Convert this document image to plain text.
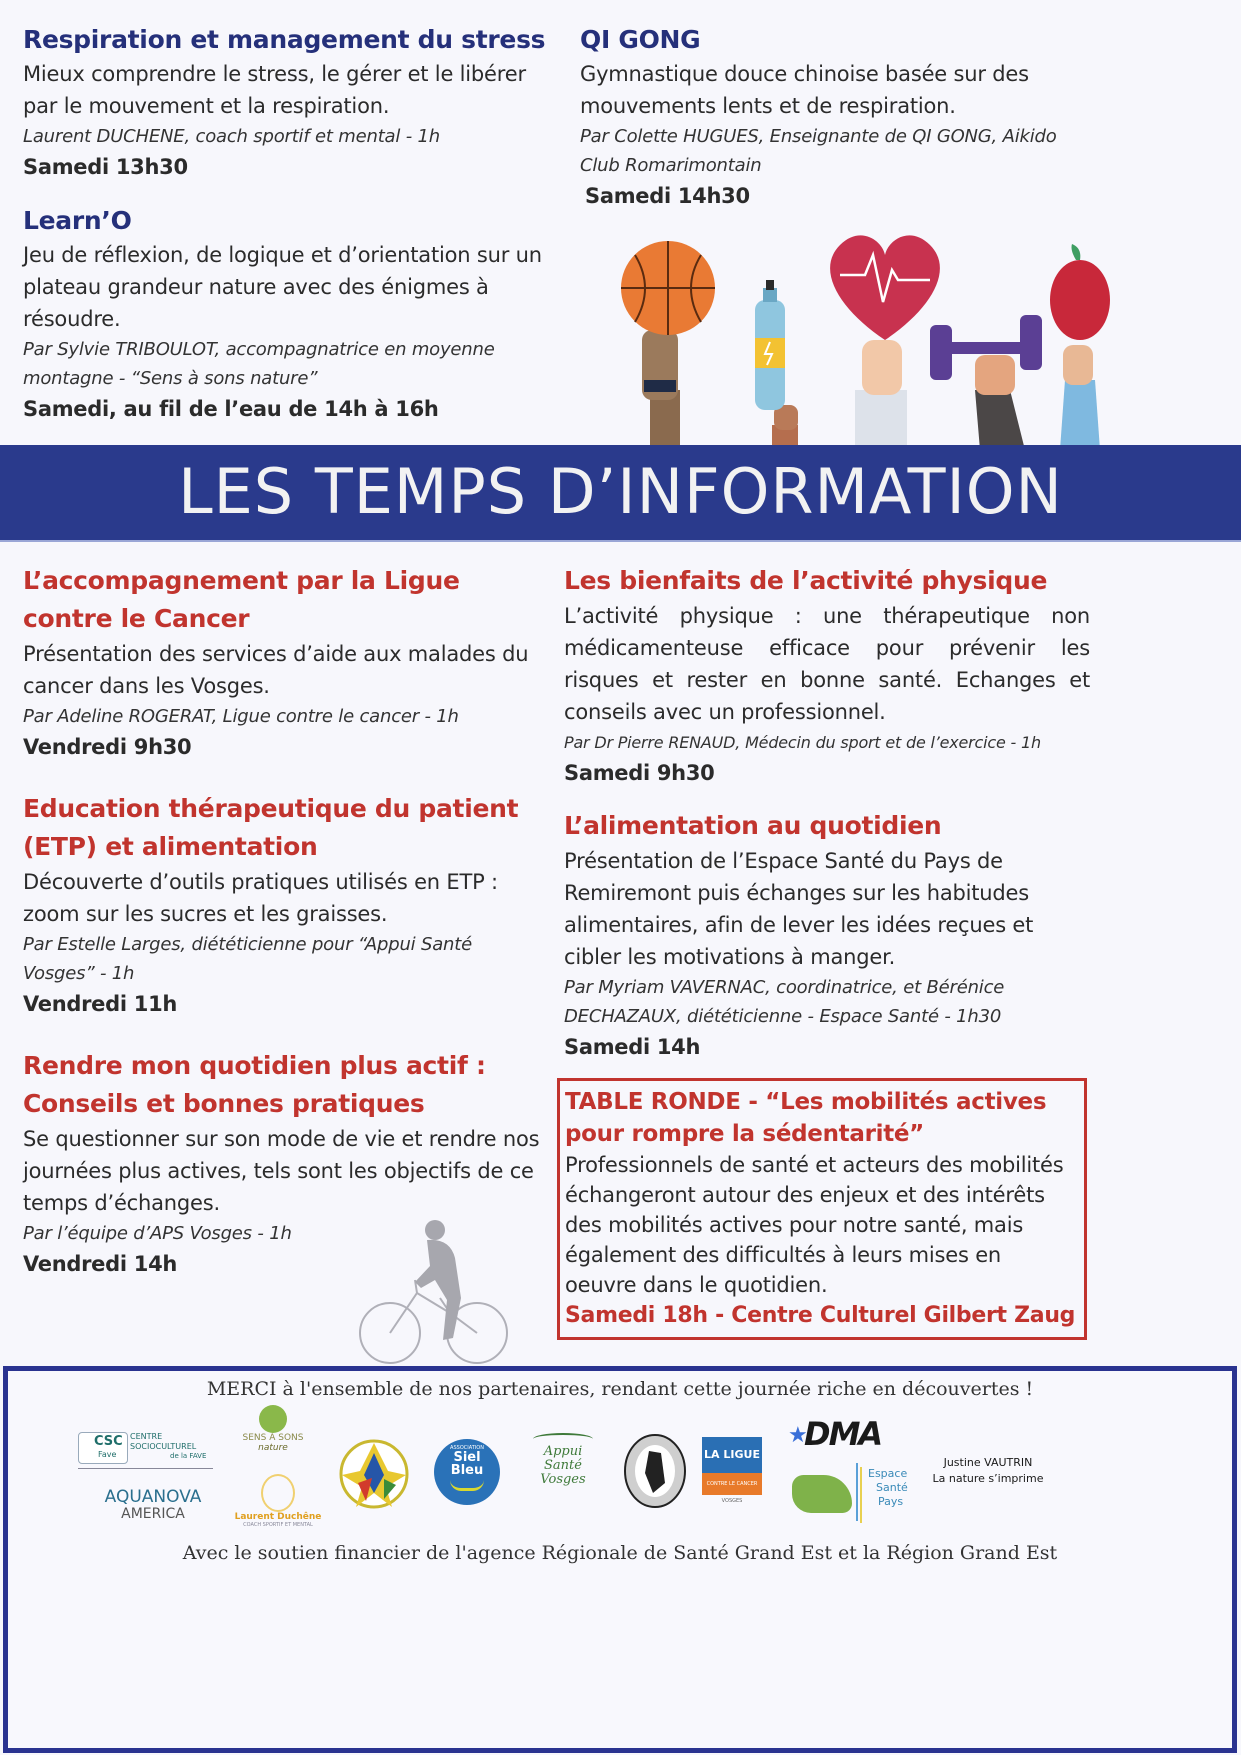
Respiration et management du stress
Mieux comprendre le stress, le gérer et le libérer par le mouvement et la respiration.
Laurent DUCHENE, coach sportif et mental - 1h
Samedi 13h30
Learn’O
Jeu de réflexion, de logique et d’orientation sur un plateau grandeur nature avec des énigmes à résoudre.
Par Sylvie TRIBOULOT, accompagnatrice en moyenne montagne - “Sens à sons nature”
Samedi, au fil de l’eau de 14h à 16h
QI GONG
Gymnastique douce chinoise basée sur des mouvements lents et de respiration.
Par Colette HUGUES, Enseignante de QI GONG, Aikido Club Romarimontain
Samedi 14h30
LES TEMPS D’INFORMATION
L’accompagnement par la Ligue contre le Cancer
Présentation des services d’aide aux malades du cancer dans les Vosges.
Par Adeline ROGERAT, Ligue contre le cancer - 1h
Vendredi 9h30
Education thérapeutique du patient (ETP) et alimentation
Découverte d’outils pratiques utilisés en ETP : zoom sur les sucres et les graisses.
Par Estelle Larges, diététicienne pour “Appui Santé Vosges” - 1h
Vendredi 11h
Rendre mon quotidien plus actif : Conseils et bonnes pratiques
Se questionner sur son mode de vie et rendre nos journées plus actives, tels sont les objectifs de ce temps d’échanges.
Par l’équipe d’APS Vosges - 1h
Vendredi 14h
Les bienfaits de l’activité physique
L’activité physique : une thérapeutique non médicamenteuse efficace pour prévenir les risques et rester en bonne santé. Echanges et conseils avec un professionnel.
Par Dr Pierre RENAUD, Médecin du sport et de l’exercice - 1h
Samedi 9h30
L’alimentation au quotidien
Présentation de l’Espace Santé du Pays de Remiremont puis échanges sur les habitudes alimentaires, afin de lever les idées reçues et cibler les motivations à manger.
Par Myriam VAVERNAC, coordinatrice, et Bérénice DECHAZAUX, diététicienne - Espace Santé - 1h30
Samedi 14h
TABLE RONDE - “Les mobilités actives pour rompre la sédentarité”
Professionnels de santé et acteurs des mobilités échangeront autour des enjeux et des intérêts des mobilités actives pour notre santé, mais également des difficultés à leurs mises en oeuvre dans le quotidien.
Samedi 18h - Centre Culturel Gilbert Zaug
MERCI à l'ensemble de nos partenaires, rendant cette journée riche en découvertes !
CSC
Fave
CENTRE
SOCIOCULTUREL
de la FAVE
AQUANOVA
AMERICA
SENS A SONS
nature
Laurent Duchêne
COACH SPORTIF ET MENTAL
ASSOCIATION
Siel
Bleu
Appui
Santé
Vosges
LA LIGUE
CONTRE LE CANCER
VOSGES
★
DMA
Espace
Santé
Pays
Justine VAUTRIN
La nature s’imprime
Avec le soutien financier de l'agence Régionale de Santé Grand Est et la Région Grand Est
